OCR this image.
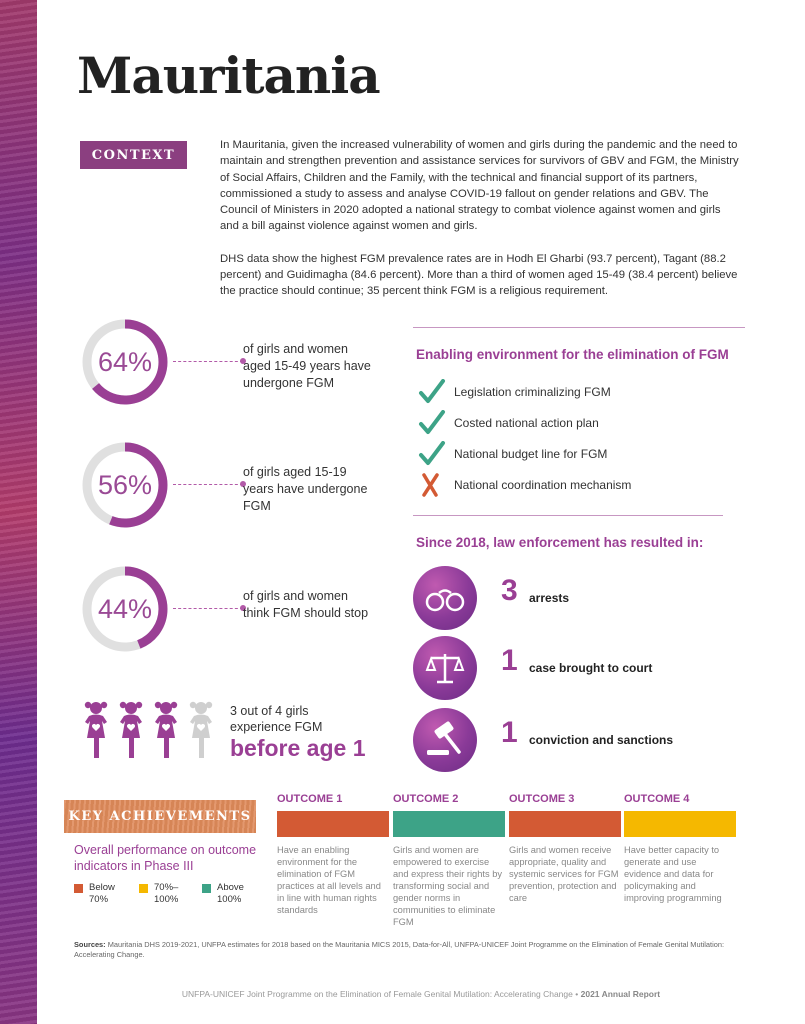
Mauritania
CONTEXT

In Mauritania, given the increased vulnerability of women and girls during the pandemic and the need to maintain and strengthen prevention and assistance services for survivors of GBV and FGM, the Ministry of Social Affairs, Children and the Family, with the technical and financial support of its partners, commissioned a study to assess and analyse COVID-19 fallout on gender relations and GBV. The Council of Ministers in 2020 adopted a national strategy to combat violence against women and girls and a bill against violence against women and girls.

DHS data show the highest FGM prevalence rates are in Hodh El Gharbi (93.7 percent), Tagant (88.2 percent) and Guidimagha (84.6 percent). More than a third of women aged 15-49 (38.4 percent) believe the practice should continue; 35 percent think FGM is a religious requirement.

64%	of girls and women aged 15-49 years have undergone FGM
56%	of girls aged 15-19 years have undergone FGM
44%	of girls and women think FGM should stop
3 out of 4 girls experience FGM
before age 1
Enabling environment for the elimination of FGM
Legislation criminalizing FGM
Costed national action plan
National budget line for FGM
National coordination mechanism
Since 2018, law enforcement has resulted in:
3 arrests
1 case brought to court
1 conviction and sanctions
KEY ACHIEVEMENTS
Overall performance on outcome indicators in Phase III
Below 70%
70%–100%
Above 100%
OUTCOME 1
Have an enabling environment for the elimination of FGM practices at all levels and in line with human rights standards
OUTCOME 2
Girls and women are empowered to exercise and express their rights by transforming social and gender norms in communities to eliminate FGM
OUTCOME 3
Girls and women receive appropriate, quality and systemic services for FGM prevention, protection and care
OUTCOME 4
Have better capacity to generate and use evidence and data for policymaking and improving programming
Sources: Mauritania DHS 2019-2021, UNFPA estimates for 2018 based on the Mauritania MICS 2015, Data-for-All, UNFPA-UNICEF Joint Programme on the Elimination of Female Genital Mutilation: Accelerating Change.
UNFPA-UNICEF Joint Programme on the Elimination of Female Genital Mutilation: Accelerating Change • 2021 Annual Report
